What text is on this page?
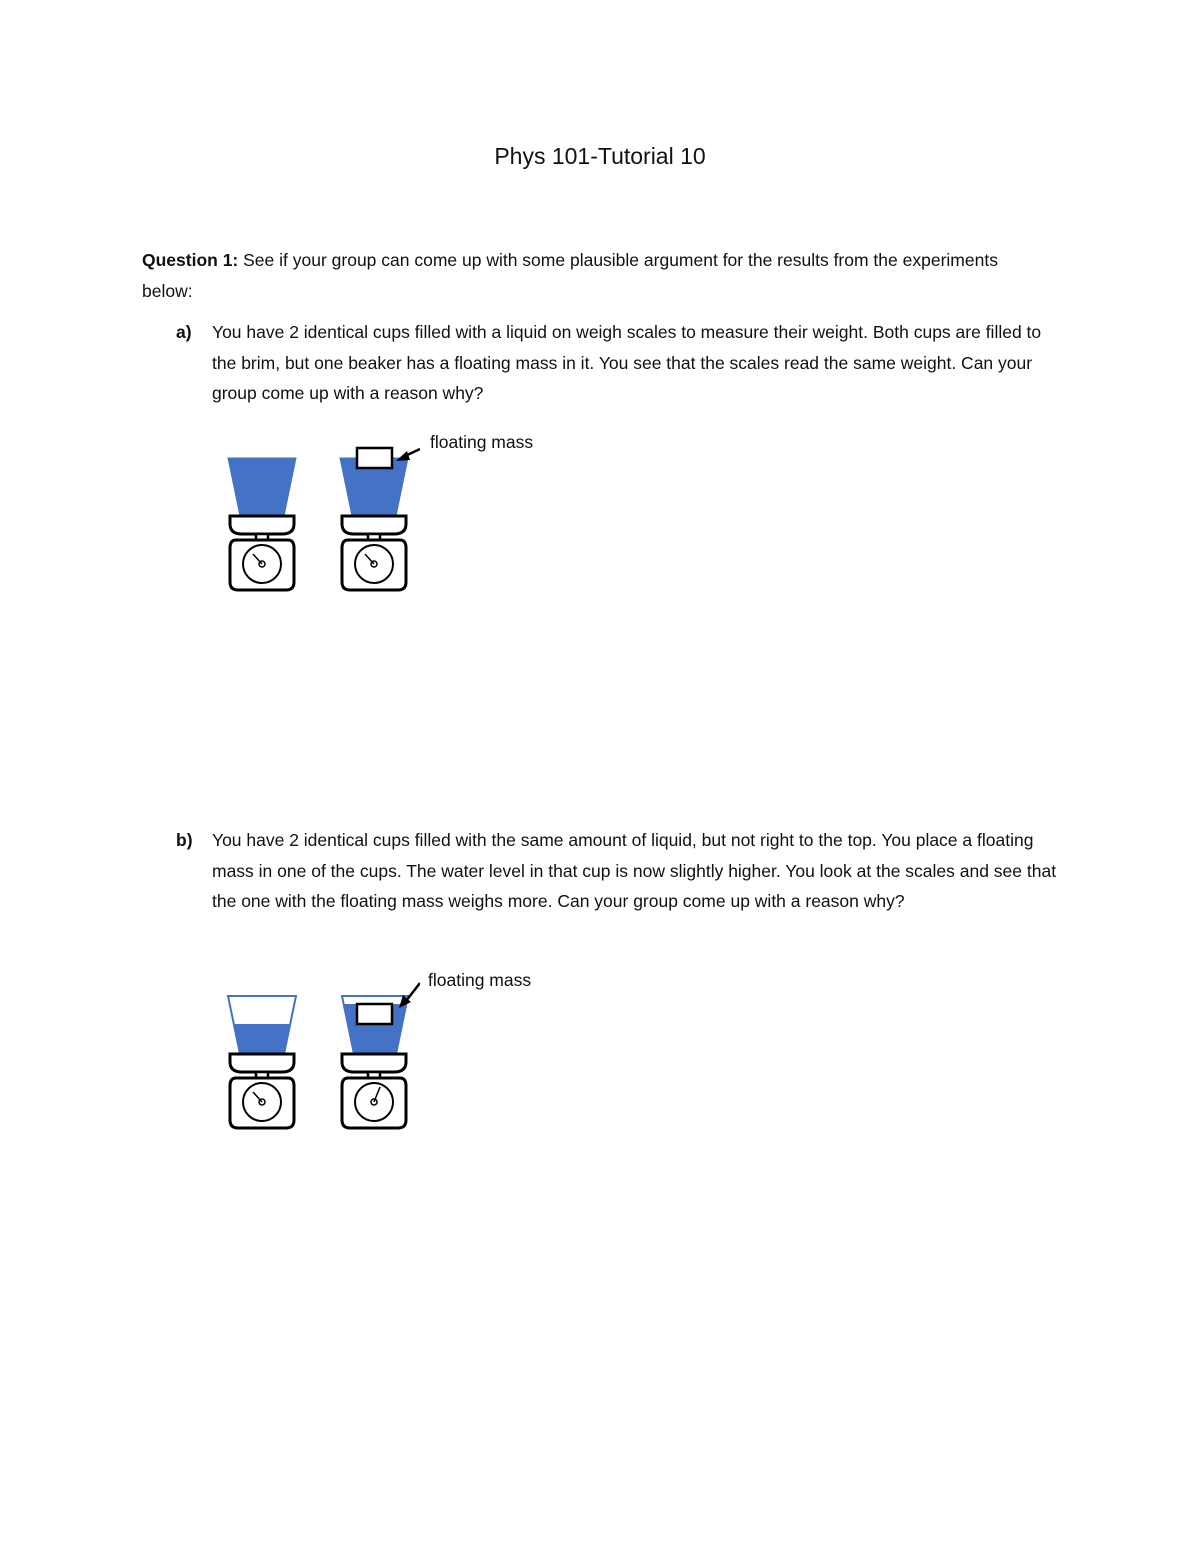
Phys 101-Tutorial 10

Question 1: See if your group can come up with some plausible argument for the results from the experiments below:

a) You have 2 identical cups filled with a liquid on weigh scales to measure their weight. Both cups are filled to the brim, but one beaker has a floating mass in it. You see that the scales read the same weight. Can your group come up with a reason why?
floating mass
b) You have 2 identical cups filled with the same amount of liquid, but not right to the top. You place a floating mass in one of the cups. The water level in that cup is now slightly higher. You look at the scales and see that the one with the floating mass weighs more. Can your group come up with a reason why?
floating mass
